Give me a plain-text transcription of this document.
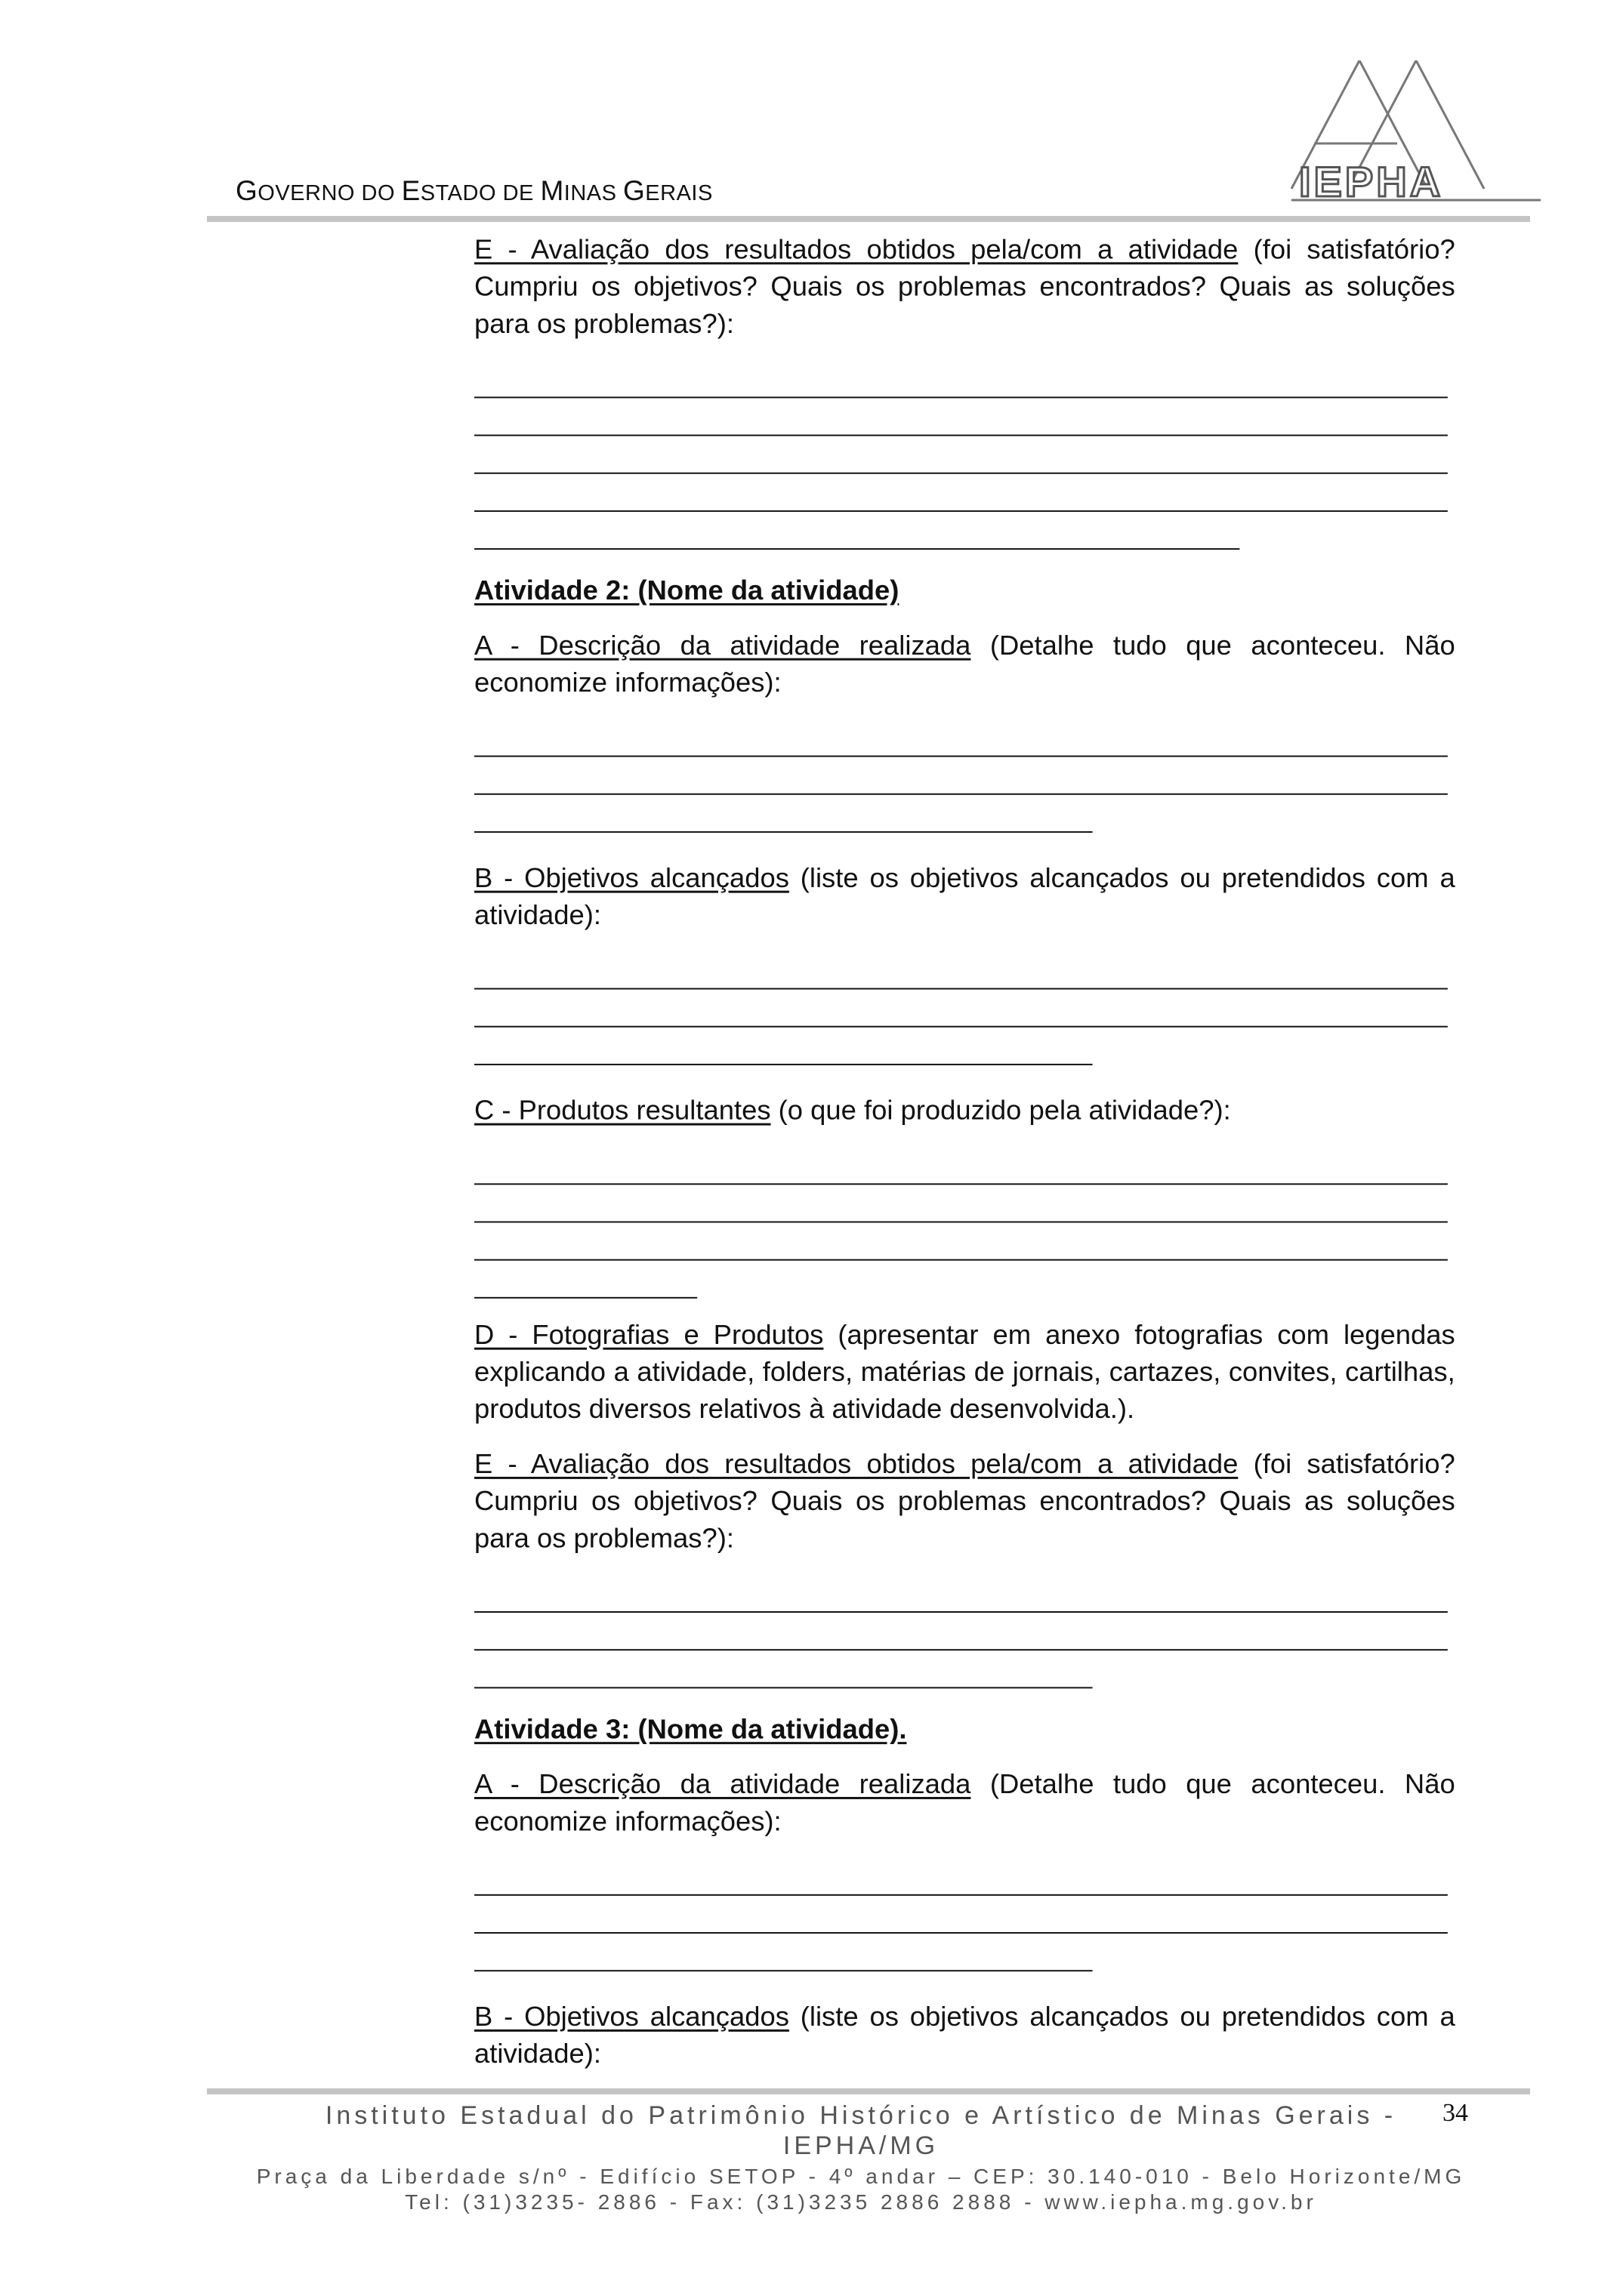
GOVERNO DO ESTADO DE MINAS GERAIS	IEPHA
E - Avaliação dos resultados obtidos pela/com a atividade (foi satisfatório? Cumpriu os objetivos? Quais os problemas encontrados? Quais as soluções para os problemas?):
Atividade 2: (Nome da atividade)
A - Descrição da atividade realizada (Detalhe tudo que aconteceu. Não economize informações):
B - Objetivos alcançados (liste os objetivos alcançados ou pretendidos com a atividade):
C - Produtos resultantes (o que foi produzido pela atividade?):
D - Fotografias e Produtos (apresentar em anexo fotografias com legendas explicando a atividade, folders, matérias de jornais, cartazes, convites, cartilhas, produtos diversos relativos à atividade desenvolvida.).
E - Avaliação dos resultados obtidos pela/com a atividade (foi satisfatório? Cumpriu os objetivos? Quais os problemas encontrados? Quais as soluções para os problemas?):
Atividade 3: (Nome da atividade).
A - Descrição da atividade realizada (Detalhe tudo que aconteceu. Não economize informações):
B - Objetivos alcançados (liste os objetivos alcançados ou pretendidos com a atividade):
Instituto Estadual do Patrimônio Histórico e Artístico de Minas Gerais - IEPHA/MG
Praça da Liberdade s/nº - Edifício SETOP - 4º andar – CEP: 30.140-010 - Belo Horizonte/MG
Tel: (31)3235- 2886 - Fax: (31)3235 2886 2888 - www.iepha.mg.gov.br
34
